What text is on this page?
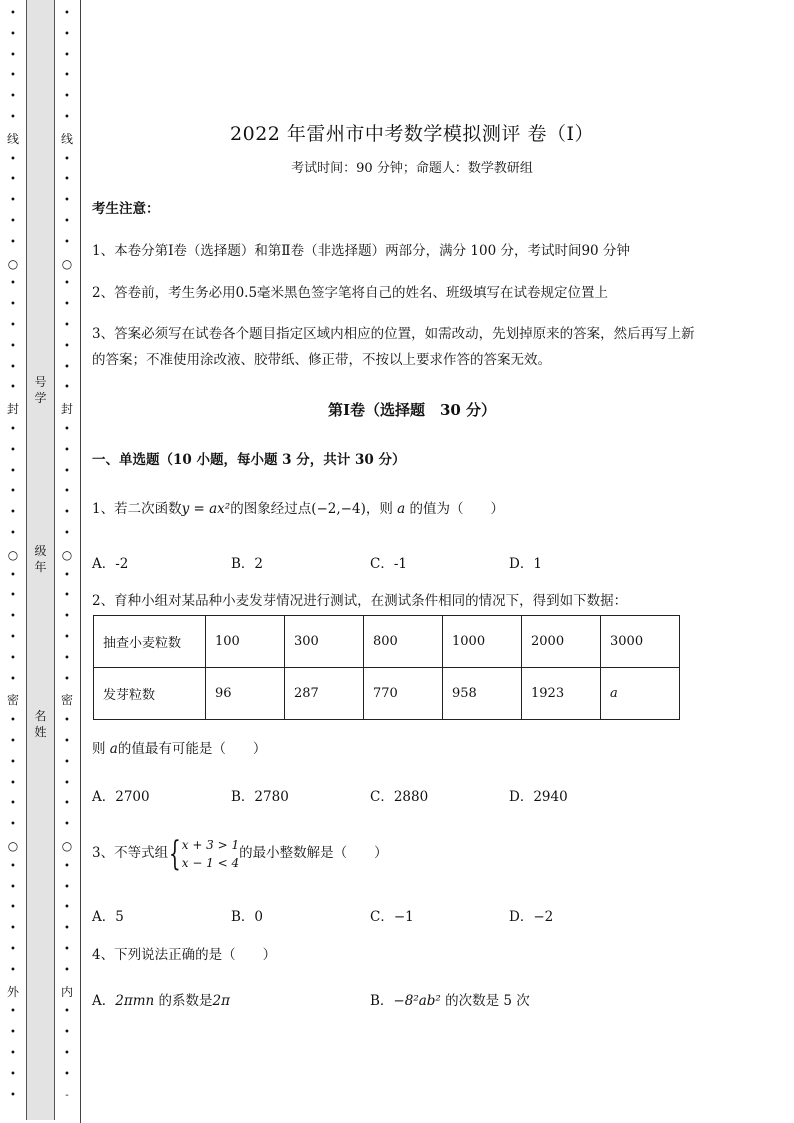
•
•
•
•
•
•
线
•
•
•
•
•
○
•
•
•
•
•
•
封
•
•
•
•
•
•
○
•
•
•
•
•
•
密
•
•
•
•
•
•
○
•
•
•
•
•
•
外
•
•
•
•
•
号
学
级
年
名
姓
•
•
•
•
•
•
线
•
•
•
•
•
○
•
•
•
•
•
•
封
•
•
•
•
•
•
○
•
•
•
•
•
•
密
•
•
•
•
•
•
○
•
•
•
•
•
•
内
•
•
•
•
-
2022 年雷州市中考数学模拟测评 卷（Ⅰ）
考试时间：90 分钟；命题人：数学教研组
考生注意：
1、本卷分第Ⅰ卷（选择题）和第Ⅱ卷（非选择题）两部分，满分 100 分，考试时间90 分钟
2、答卷前，考生务必用0.5毫米黑色签字笔将自己的姓名、班级填写在试卷规定位置上
3、答案必须写在试卷各个题目指定区域内相应的位置，如需改动，先划掉原来的答案，然后再写上新
的答案；不准使用涂改液、胶带纸、修正带，不按以上要求作答的答案无效。
第Ⅰ卷（选择题　30 分）
一、单选题（10 小题，每小题 3 分，共计 30 分）
1、若二次函数y = ax²的图象经过点(−2,−4)，则 a 的值为（　　）
A．-2	B．2	C．-1	D．1
2、育种小组对某品种小麦发芽情况进行测试，在测试条件相同的情况下，得到如下数据：
抽查小麦粒数	100	300	800	1000	2000	3000
发芽粒数	96	287	770	958	1923	a
则 a的值最有可能是（　　）
A．2700	B．2780	C．2880	D．2940
3、不等式组{ x + 3 > 1
x − 1 < 4
的最小整数解是（　　）
A．5	B．0	C．−1	D．−2
4、下列说法正确的是（　　）
A．2πmn 的系数是2π	B．−8²ab² 的次数是 5 次
